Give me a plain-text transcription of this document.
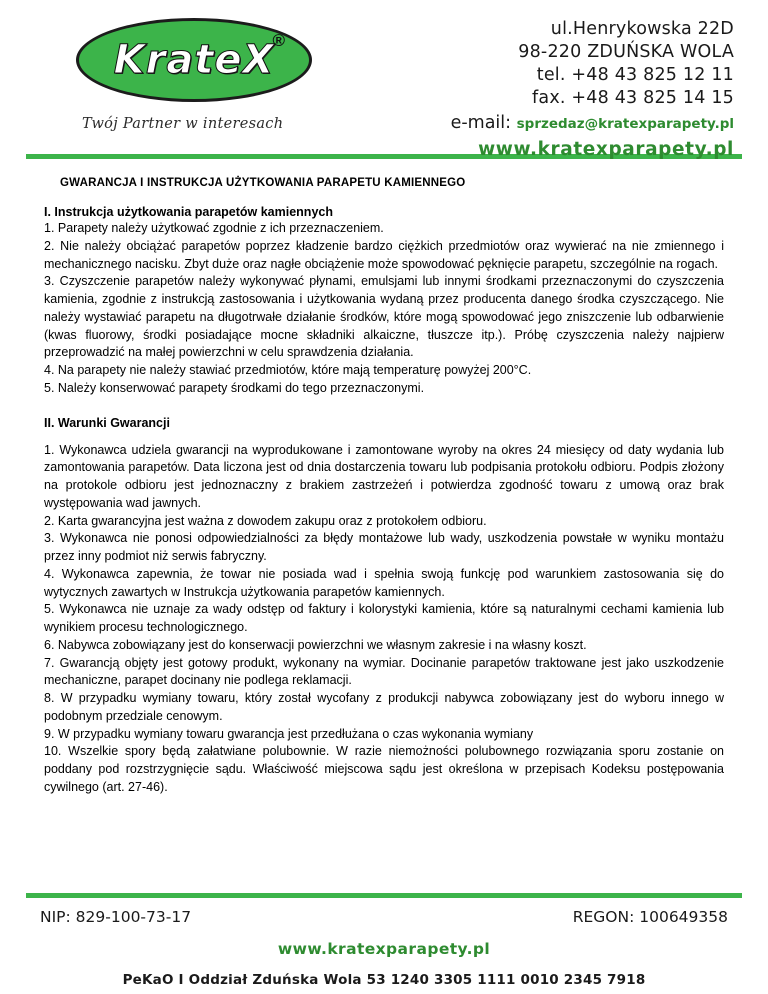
KrateX
®
Twój Partner w interesach
ul.Henrykowska 22D
98-220 ZDUŃSKA WOLA
tel. +48 43 825 12 11
fax. +48 43 825 14 15
e-mail: sprzedaz@kratexparapety.pl
www.kratexparapety.pl
GWARANCJA I INSTRUKCJA UŻYTKOWANIA PARAPETU KAMIENNEGO
I. Instrukcja użytkowania parapetów kamiennych

1. Parapety należy użytkować zgodnie z ich przeznaczeniem.

2. Nie należy obciążać parapetów poprzez kładzenie bardzo ciężkich przedmiotów oraz wywierać na nie zmiennego i mechanicznego nacisku. Zbyt duże oraz nagłe obciążenie może spowodować pęknięcie parapetu, szczególnie na rogach.

3. Czyszczenie parapetów należy wykonywać płynami, emulsjami lub innymi środkami przeznaczonymi do czyszczenia kamienia, zgodnie z instrukcją zastosowania i użytkowania wydaną przez producenta danego środka czyszczącego. Nie należy wystawiać parapetu na długotrwałe działanie środków, które mogą spowodować jego zniszczenie lub odbarwienie (kwas fluorowy, środki posiadające mocne składniki alkaiczne, tłuszcze itp.). Próbę czyszczenia należy najpierw przeprowadzić na małej powierzchni w celu sprawdzenia działania.

4. Na parapety nie należy stawiać przedmiotów, które mają temperaturę powyżej 200°C.

5. Należy konserwować parapety środkami do tego przeznaczonymi.

II. Warunki Gwarancji

1. Wykonawca udziela gwarancji na wyprodukowane i zamontowane wyroby na okres 24 miesięcy od daty wydania lub zamontowania parapetów. Data liczona jest od dnia dostarczenia towaru lub podpisania protokołu odbioru. Podpis złożony na protokole odbioru jest jednoznaczny z brakiem zastrzeżeń i potwierdza zgodność towaru z umową oraz brak występowania wad jawnych.

2. Karta gwarancyjna jest ważna z dowodem zakupu oraz z protokołem odbioru.

3. Wykonawca nie ponosi odpowiedzialności za błędy montażowe lub wady, uszkodzenia powstałe w wyniku montażu przez inny podmiot niż serwis fabryczny.

4. Wykonawca zapewnia, że towar nie posiada wad i spełnia swoją funkcję pod warunkiem zastosowania się do wytycznych zawartych w Instrukcja użytkowania parapetów kamiennych.

5. Wykonawca nie uznaje za wady odstęp od faktury i kolorystyki kamienia, które są naturalnymi cechami kamienia lub wynikiem procesu technologicznego.

6. Nabywca zobowiązany jest do konserwacji powierzchni we własnym zakresie i na własny koszt.

7. Gwarancją objęty jest gotowy produkt, wykonany na wymiar. Docinanie parapetów traktowane jest jako uszkodzenie mechaniczne, parapet docinany nie podlega reklamacji.

8. W przypadku wymiany towaru, który został wycofany z produkcji nabywca zobowiązany jest do wyboru innego w podobnym przedziale cenowym.

9. W przypadku wymiany towaru gwarancja jest przedłużana o czas wykonania wymiany

10. Wszelkie spory będą załatwiane polubownie. W razie niemożności polubownego rozwiązania sporu zostanie on poddany pod rozstrzygnięcie sądu. Właściwość miejscowa sądu jest określona w przepisach Kodeksu postępowania cywilnego (art. 27-46).

NIP: 829-100-73-17	REGON: 100649358
www.kratexparapety.pl
PeKaO I Oddział Zduńska Wola 53 1240 3305 1111 0010 2345 7918
